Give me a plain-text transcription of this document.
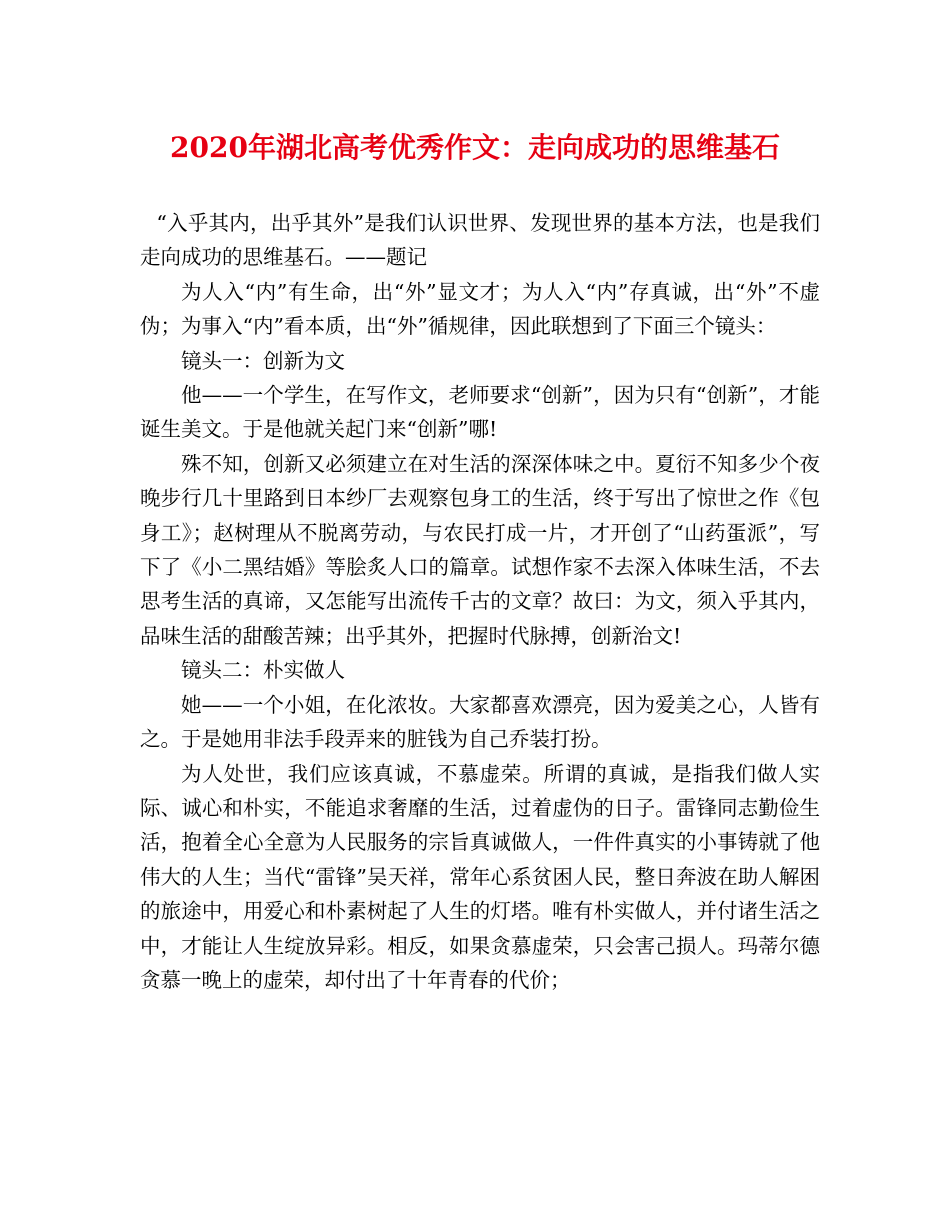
2020年湖北高考优秀作文：走向成功的思维基石

“入乎其内，出乎其外”是我们认识世界、发现世界的基本方法，也是我们走向成功的思维基石。——题记

为人入“内”有生命，出“外”显文才；为人入“内”存真诚，出“外”不虚伪；为事入“内”看本质，出“外”循规律，因此联想到了下面三个镜头：

镜头一：创新为文

他——一个学生，在写作文，老师要求“创新”，因为只有“创新”，才能诞生美文。于是他就关起门来“创新”哪!

殊不知，创新又必须建立在对生活的深深体味之中。夏衍不知多少个夜晚步行几十里路到日本纱厂去观察包身工的生活，终于写出了惊世之作《包身工》；赵树理从不脱离劳动，与农民打成一片，才开创了“山药蛋派”，写下了《小二黑结婚》等脍炙人口的篇章。试想作家不去深入体味生活，不去思考生活的真谛，又怎能写出流传千古的文章？故曰：为文，须入乎其内，品味生活的甜酸苦辣；出乎其外，把握时代脉搏，创新治文!

镜头二：朴实做人

她——一个小姐，在化浓妆。大家都喜欢漂亮，因为爱美之心，人皆有之。于是她用非法手段弄来的脏钱为自己乔装打扮。

为人处世，我们应该真诚，不慕虚荣。所谓的真诚，是指我们做人实际、诚心和朴实，不能追求奢靡的生活，过着虚伪的日子。雷锋同志勤俭生活，抱着全心全意为人民服务的宗旨真诚做人，一件件真实的小事铸就了他伟大的人生；当代“雷锋”吴天祥，常年心系贫困人民，整日奔波在助人解困的旅途中，用爱心和朴素树起了人生的灯塔。唯有朴实做人，并付诸生活之中，才能让人生绽放异彩。相反，如果贪慕虚荣，只会害己损人。玛蒂尔德贪慕一晚上的虚荣，却付出了十年青春的代价；
